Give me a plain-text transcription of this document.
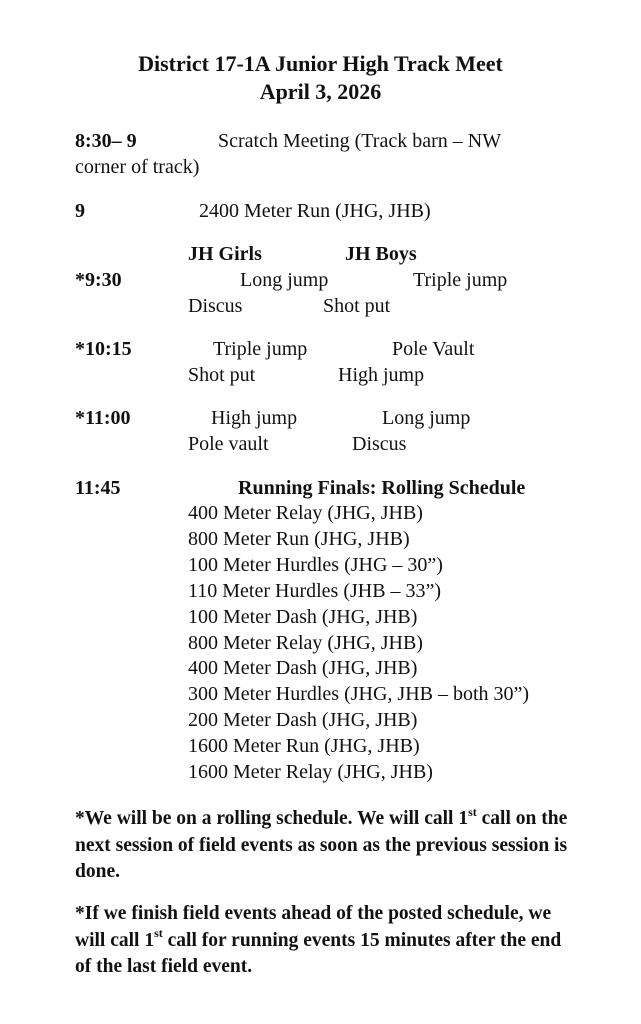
District 17-1A Junior High Track Meet
April 3, 2026
8:30– 9	Scratch Meeting (Track barn – NW
corner of track)
9	2400 Meter Run (JHG, JHB)
JH Girls	JH Boys
*9:30	Long jump	Triple jump
Discus	Shot put
*10:15	Triple jump	Pole Vault
Shot put	High jump
*11:00	High jump	Long jump
Pole vault	Discus
11:45	Running Finals: Rolling Schedule
400 Meter Relay (JHG, JHB)
800 Meter Run (JHG, JHB)
100 Meter Hurdles (JHG – 30”)
110 Meter Hurdles (JHB – 33”)
100 Meter Dash (JHG, JHB)
800 Meter Relay (JHG, JHB)
400 Meter Dash (JHG, JHB)
300 Meter Hurdles (JHG, JHB – both 30”)
200 Meter Dash (JHG, JHB)
1600 Meter Run (JHG, JHB)
1600 Meter Relay (JHG, JHB)
*We will be on a rolling schedule. We will call 1st call on the next session of field events as soon as the previous session is done.
*If we finish field events ahead of the posted schedule, we will call 1st call for running events 15 minutes after the end of the last field event.
